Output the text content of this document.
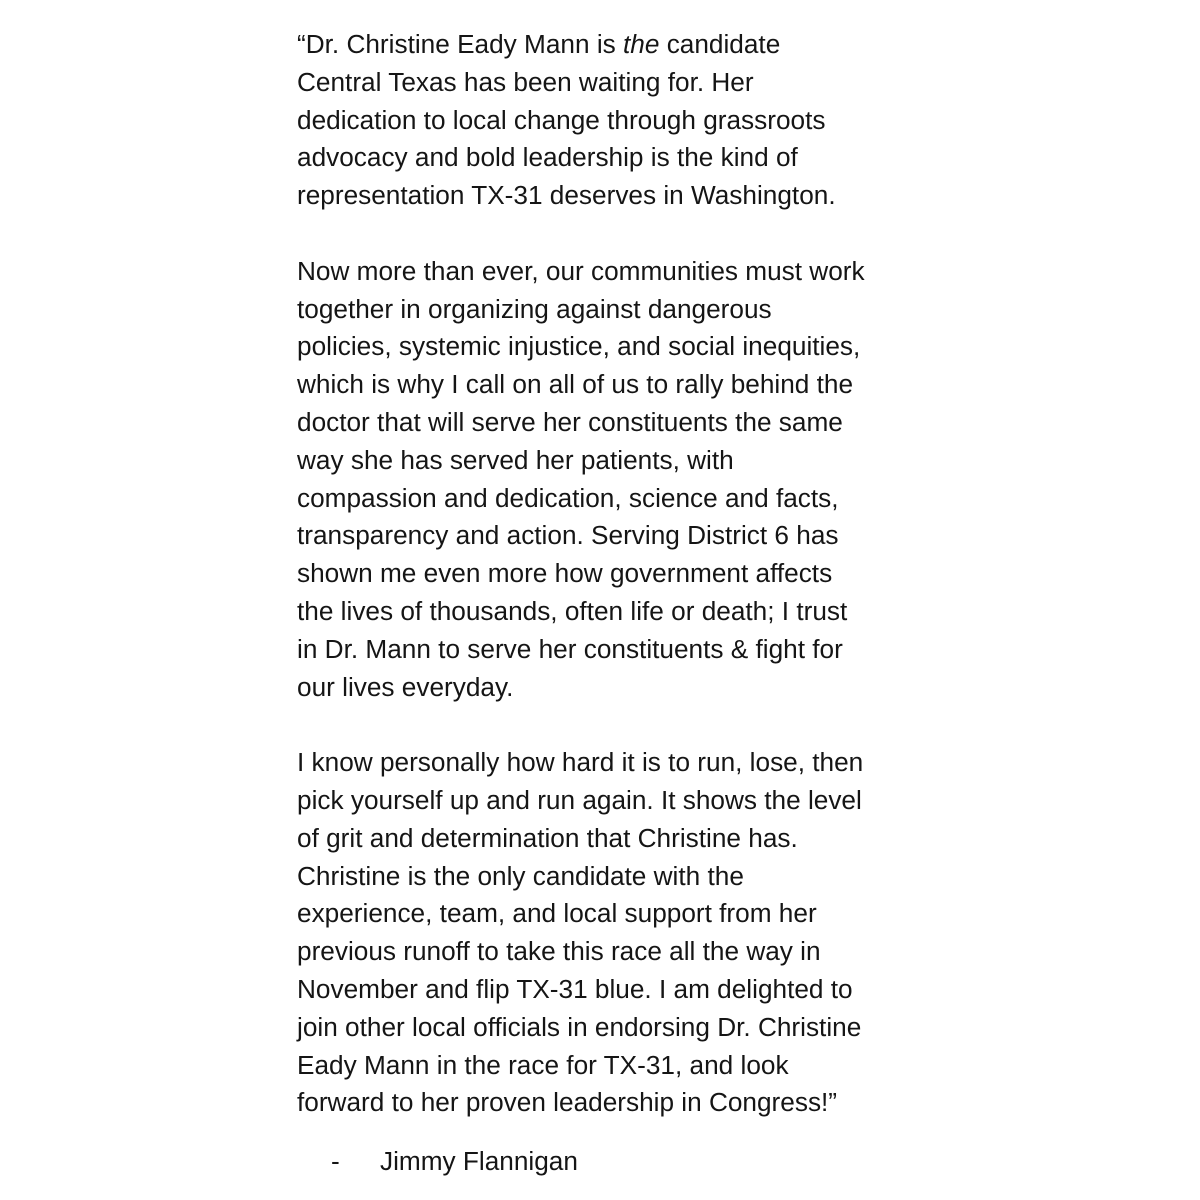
“Dr. Christine Eady Mann is the candidate
Central Texas has been waiting for. Her
dedication to local change through grassroots
advocacy and bold leadership is the kind of
representation TX-31 deserves in Washington.
Now more than ever, our communities must work
together in organizing against dangerous
policies, systemic injustice, and social inequities,
which is why I call on all of us to rally behind the
doctor that will serve her constituents the same
way she has served her patients, with
compassion and dedication, science and facts,
transparency and action. Serving District 6 has
shown me even more how government affects
the lives of thousands, often life or death; I trust
in Dr. Mann to serve her constituents & fight for
our lives everyday.
I know personally how hard it is to run, lose, then
pick yourself up and run again. It shows the level
of grit and determination that Christine has.
Christine is the only candidate with the
experience, team, and local support from her
previous runoff to take this race all the way in
November and flip TX-31 blue. I am delighted to
join other local officials in endorsing Dr. Christine
Eady Mann in the race for TX-31, and look
forward to her proven leadership in Congress!”
- Jimmy Flannigan
